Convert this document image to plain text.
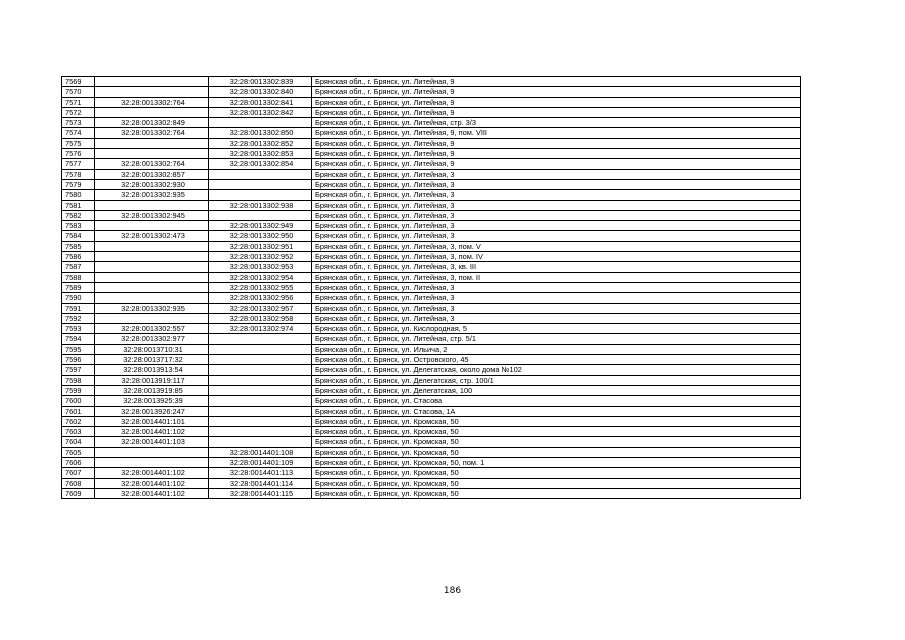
7569		32:28:0013302:839	Брянская обл., г. Брянск, ул. Литейная, 9
7570		32:28:0013302:840	Брянская обл., г. Брянск, ул. Литейная, 9
7571	32:28:0013302:764	32:28:0013302:841	Брянская обл., г. Брянск, ул. Литейная, 9
7572		32:28:0013302:842	Брянская обл., г. Брянск, ул. Литейная, 9
7573	32:28:0013302:849		Брянская обл., г. Брянск, ул. Литейная, стр. 3/3
7574	32:28:0013302:764	32:28:0013302:850	Брянская обл., г. Брянск, ул. Литейная, 9, пом. VIII
7575		32:28:0013302:852	Брянская обл., г. Брянск, ул. Литейная, 9
7576		32:28:0013302:853	Брянская обл., г. Брянск, ул. Литейная, 9
7577	32:28:0013302:764	32:28:0013302:854	Брянская обл., г. Брянск, ул. Литейная, 9
7578	32:28:0013302:857		Брянская обл., г. Брянск, ул. Литейная, 3
7579	32:28:0013302:930		Брянская обл., г. Брянск, ул. Литейная, 3
7580	32:28:0013302:935		Брянская обл., г. Брянск, ул. Литейная, 3
7581		32:28:0013302:938	Брянская обл., г. Брянск, ул. Литейная, 3
7582	32:28:0013302:945		Брянская обл., г. Брянск, ул. Литейная, 3
7583		32:28:0013302:949	Брянская обл., г. Брянск, ул. Литейная, 3
7584	32:28:0013302:473	32:28:0013302:950	Брянская обл., г. Брянск, ул. Литейная, 3
7585		32:28:0013302:951	Брянская обл., г. Брянск, ул. Литейная, 3, пом. V
7586		32:28:0013302:952	Брянская обл., г. Брянск, ул. Литейная, 3, пом. IV
7587		32:28:0013302:953	Брянская обл., г. Брянск, ул. Литейная, 3, кв. III
7588		32:28:0013302:954	Брянская обл., г. Брянск, ул. Литейная, 3, пом. II
7589		32:28:0013302:955	Брянская обл., г. Брянск, ул. Литейная, 3
7590		32:28:0013302:956	Брянская обл., г. Брянск, ул. Литейная, 3
7591	32:28:0013302:935	32:28:0013302:957	Брянская обл., г. Брянск, ул. Литейная, 3
7592		32:28:0013302:958	Брянская обл., г. Брянск, ул. Литейная, 3
7593	32:28:0013302:557	32:28:0013302:974	Брянская обл., г. Брянск, ул. Кислородная, 5
7594	32:28:0013302:977		Брянская обл., г. Брянск, ул. Литейная, стр. 5/1
7595	32:28:0013710:31		Брянская обл., г. Брянск, ул. Ильича, 2
7596	32:28:0013717:32		Брянская обл., г. Брянск, ул. Островского, 45
7597	32:28:0013913:54		Брянская обл., г. Брянск, ул. Делегатская, около дома №102
7598	32:28:0013919:117		Брянская обл., г. Брянск, ул. Делегатская, стр. 100/1
7599	32:28:0013919:85		Брянская обл., г. Брянск, ул. Делегатская, 100
7600	32:28:0013925:39		Брянская обл., г. Брянск, ул. Стасова
7601	32:28:0013926:247		Брянская обл., г. Брянск, ул. Стасова, 1А
7602	32:28:0014401:101		Брянская обл., г. Брянск, ул. Кромская, 50
7603	32:28:0014401:102		Брянская обл., г. Брянск, ул. Кромская, 50
7604	32:28:0014401:103		Брянская обл., г. Брянск, ул. Кромская, 50
7605		32:28:0014401:108	Брянская обл., г. Брянск, ул. Кромская, 50
7606		32:28:0014401:109	Брянская обл., г. Брянск, ул. Кромская, 50, пом. 1
7607	32:28:0014401:102	32:28:0014401:113	Брянская обл., г. Брянск, ул. Кромская, 50
7608	32:28:0014401:102	32:28:0014401:114	Брянская обл., г. Брянск, ул. Кромская, 50
7609	32:28:0014401:102	32:28:0014401:115	Брянская обл., г. Брянск, ул. Кромская, 50
186
